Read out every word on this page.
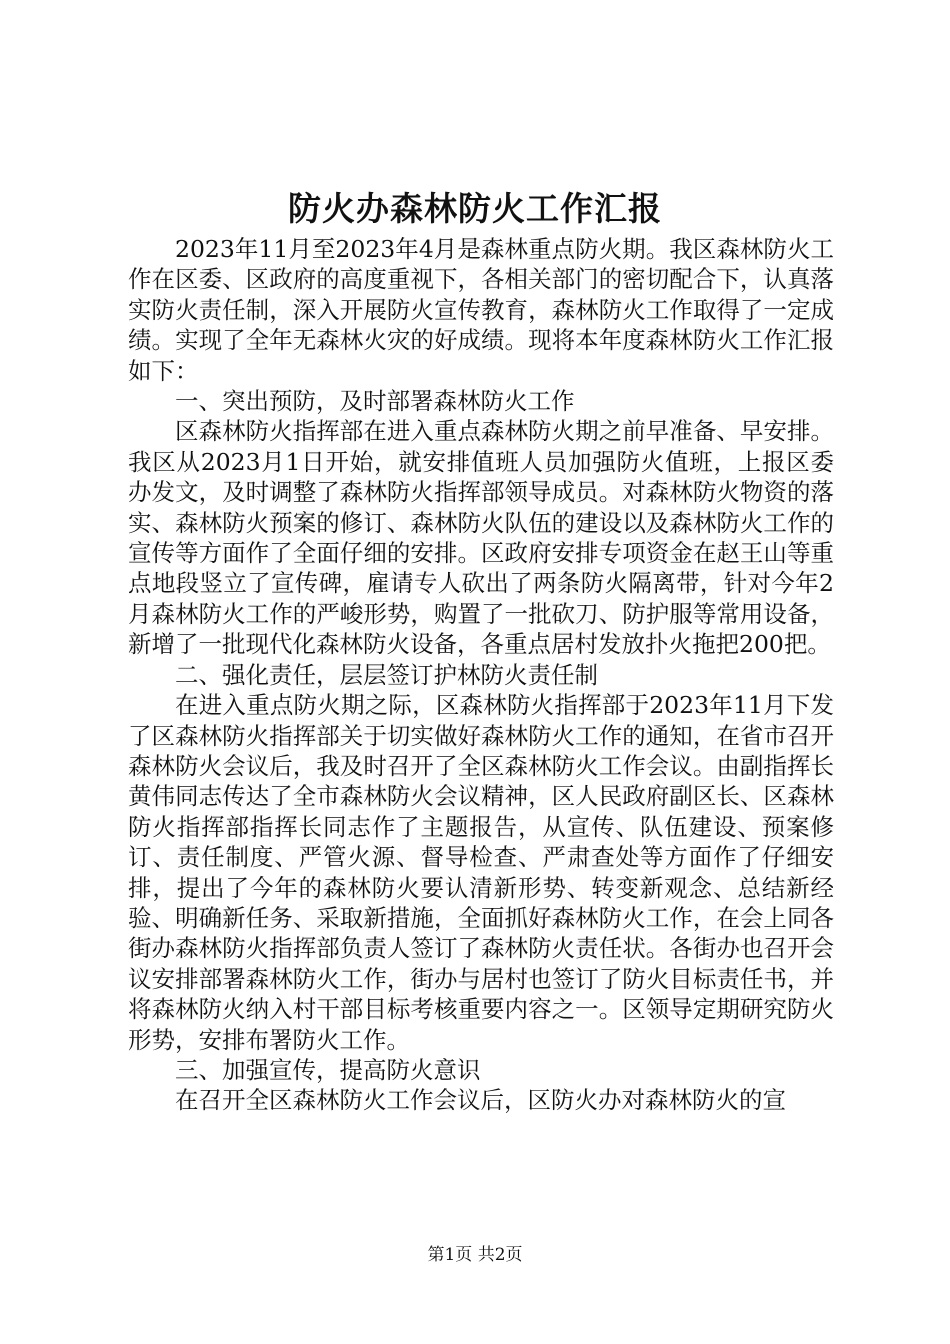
防火办森林防火工作汇报

2023年11月至2023年4月是森林重点防火期。我区森林防火工作在区委、区政府的高度重视下，各相关部门的密切配合下，认真落实防火责任制，深入开展防火宣传教育，森林防火工作取得了一定成绩。实现了全年无森林火灾的好成绩。现将本年度森林防火工作汇报如下：

一、突出预防，及时部署森林防火工作

区森林防火指挥部在进入重点森林防火期之前早准备、早安排。我区从2023月1日开始，就安排值班人员加强防火值班，上报区委办发文，及时调整了森林防火指挥部领导成员。对森林防火物资的落实、森林防火预案的修订、森林防火队伍的建设以及森林防火工作的宣传等方面作了全面仔细的安排。区政府安排专项资金在赵王山等重点地段竖立了宣传碑，雇请专人砍出了两条防火隔离带，针对今年2月森林防火工作的严峻形势，购置了一批砍刀、防护服等常用设备，新增了一批现代化森林防火设备，各重点居村发放扑火拖把200把。

二、强化责任，层层签订护林防火责任制

在进入重点防火期之际，区森林防火指挥部于2023年11月下发了区森林防火指挥部关于切实做好森林防火工作的通知，在省市召开森林防火会议后，我及时召开了全区森林防火工作会议。由副指挥长黄伟同志传达了全市森林防火会议精神，区人民政府副区长、区森林防火指挥部指挥长同志作了主题报告，从宣传、队伍建设、预案修订、责任制度、严管火源、督导检查、严肃查处等方面作了仔细安排，提出了今年的森林防火要认清新形势、转变新观念、总结新经验、明确新任务、采取新措施，全面抓好森林防火工作，在会上同各街办森林防火指挥部负责人签订了森林防火责任状。各街办也召开会议安排部署森林防火工作，街办与居村也签订了防火目标责任书，并将森林防火纳入村干部目标考核重要内容之一。区领导定期研究防火形势，安排布署防火工作。

三、加强宣传，提高防火意识

在召开全区森林防火工作会议后，区防火办对森林防火的宣

第1页 共2页
